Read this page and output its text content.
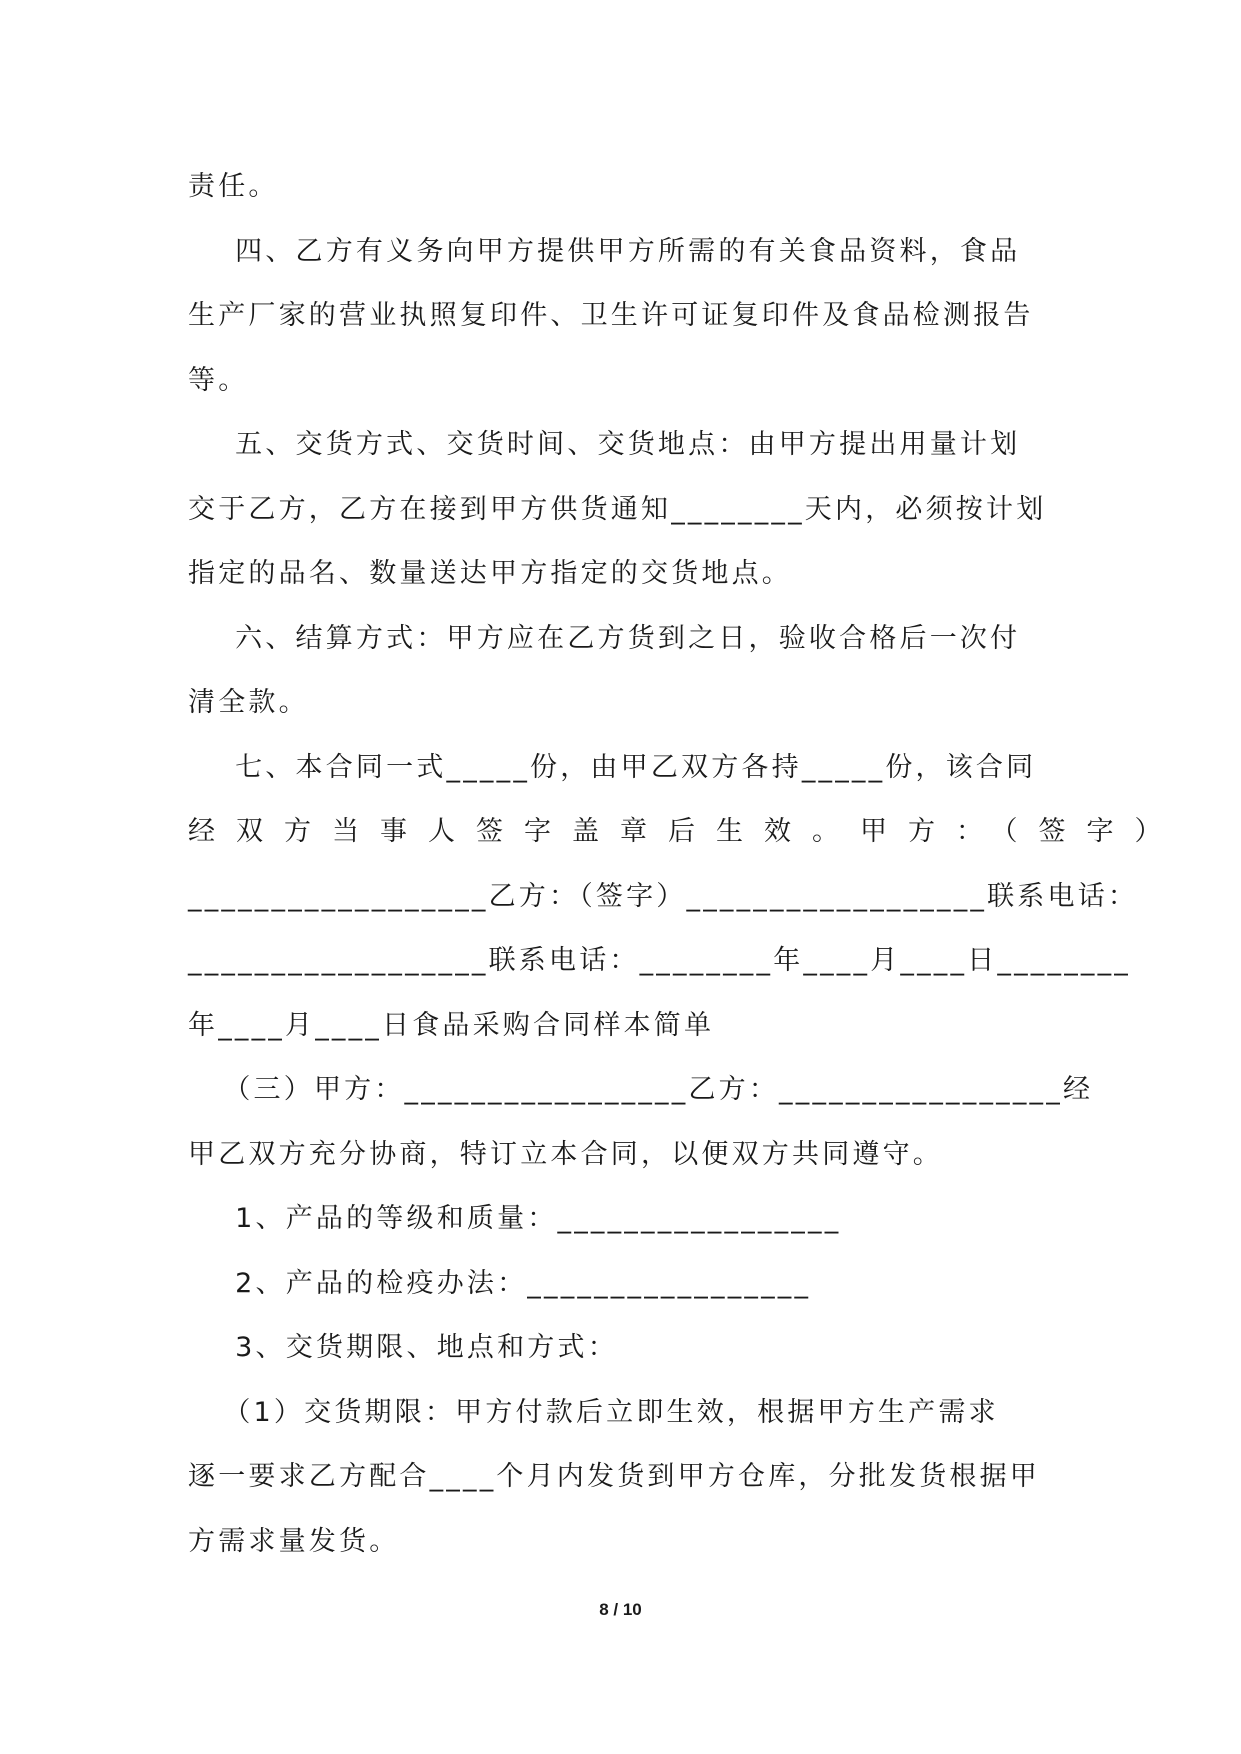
责任。
四、乙方有义务向甲方提供甲方所需的有关食品资料，食品
生产厂家的营业执照复印件、卫生许可证复印件及食品检测报告
等。
五、交货方式、交货时间、交货地点：由甲方提出用量计划
交于乙方，乙方在接到甲方供货通知________天内，必须按计划
指定的品名、数量送达甲方指定的交货地点。
六、结算方式：甲方应在乙方货到之日，验收合格后一次付
清全款。
七、本合同一式_____份，由甲乙双方各持_____份，该合同
经双方当事人签字盖章后生效。甲方：（签字）
__________________乙方：（签字）__________________联系电话：
__________________联系电话：________年____月____日________
年____月____日食品采购合同样本简单
（三）甲方：_________________乙方：_________________经
甲乙双方充分协商，特订立本合同，以便双方共同遵守。
1、产品的等级和质量：_________________
2、产品的检疫办法：_________________
3、交货期限、地点和方式：
（1）交货期限：甲方付款后立即生效，根据甲方生产需求
逐一要求乙方配合____个月内发货到甲方仓库，分批发货根据甲
方需求量发货。
8 / 10
